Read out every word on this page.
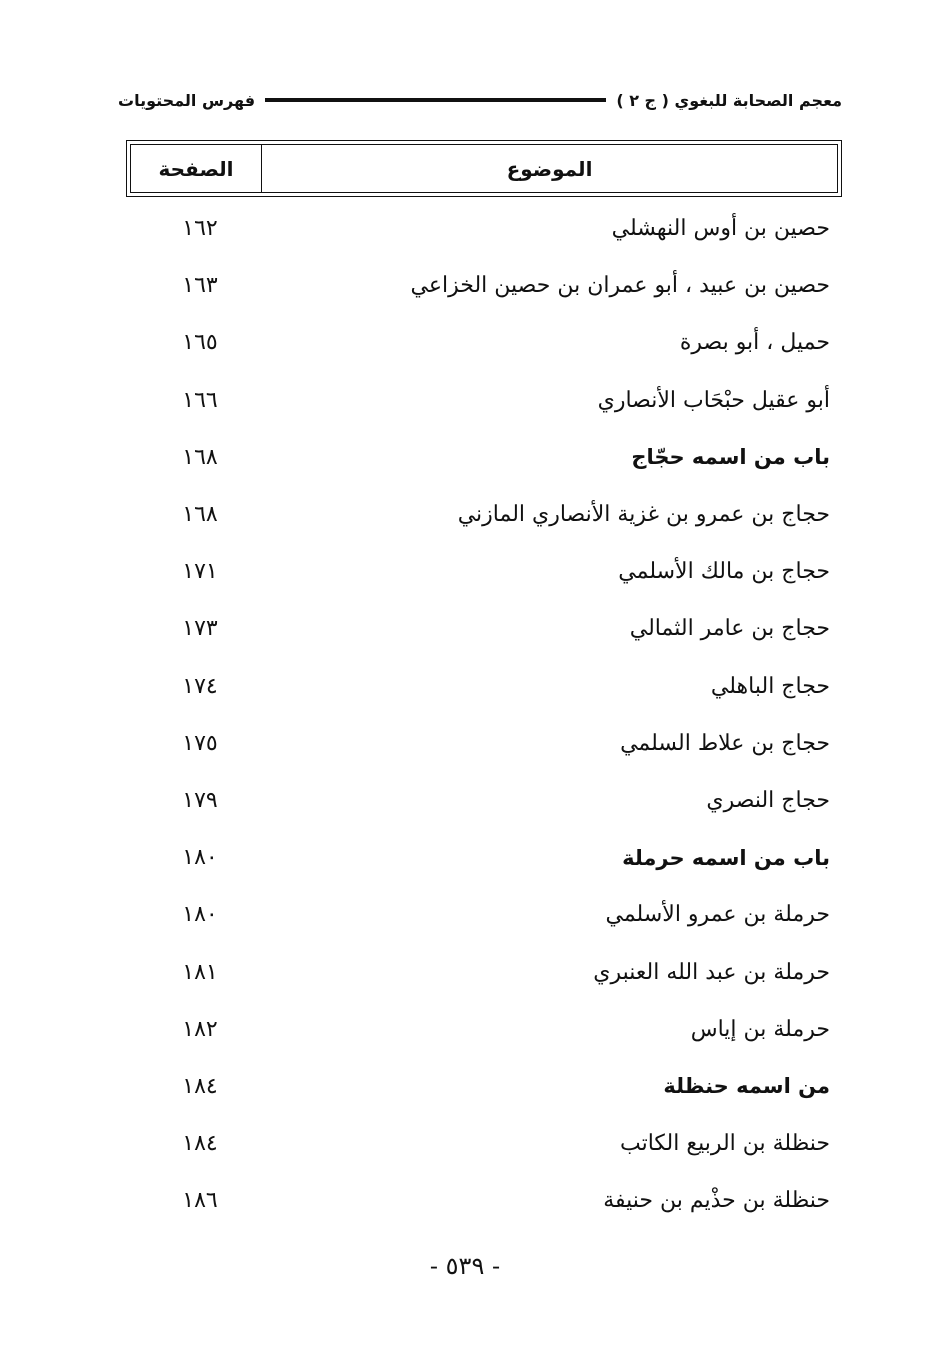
معجم الصحابة للبغوي ( ج ٢ )
فهرس المحتويات
الموضوع
الصفحة
حصين بن أوس النهشلي
١٦٢
حصين بن عبيد ، أبو عمران بن حصين الخزاعي
١٦٣
حميل ، أبو بصرة
١٦٥
أبو عقيل حبْحَاب الأنصاري
١٦٦
باب من اسمه حجّاج
١٦٨
حجاج بن عمرو بن غزية الأنصاري المازني
١٦٨
حجاج بن مالك الأسلمي
١٧١
حجاج بن عامر الثمالي
١٧٣
حجاج الباهلي
١٧٤
حجاج بن علاط السلمي
١٧٥
حجاج النصري
١٧٩
باب من اسمه حرملة
١٨٠
حرملة بن عمرو الأسلمي
١٨٠
حرملة بن عبد الله العنبري
١٨١
حرملة بن إياس
١٨٢
من اسمه حنظلة
١٨٤
حنظلة بن الربيع الكاتب
١٨٤
حنظلة بن حذْيم بن حنيفة
١٨٦
- ٥٣٩ -
